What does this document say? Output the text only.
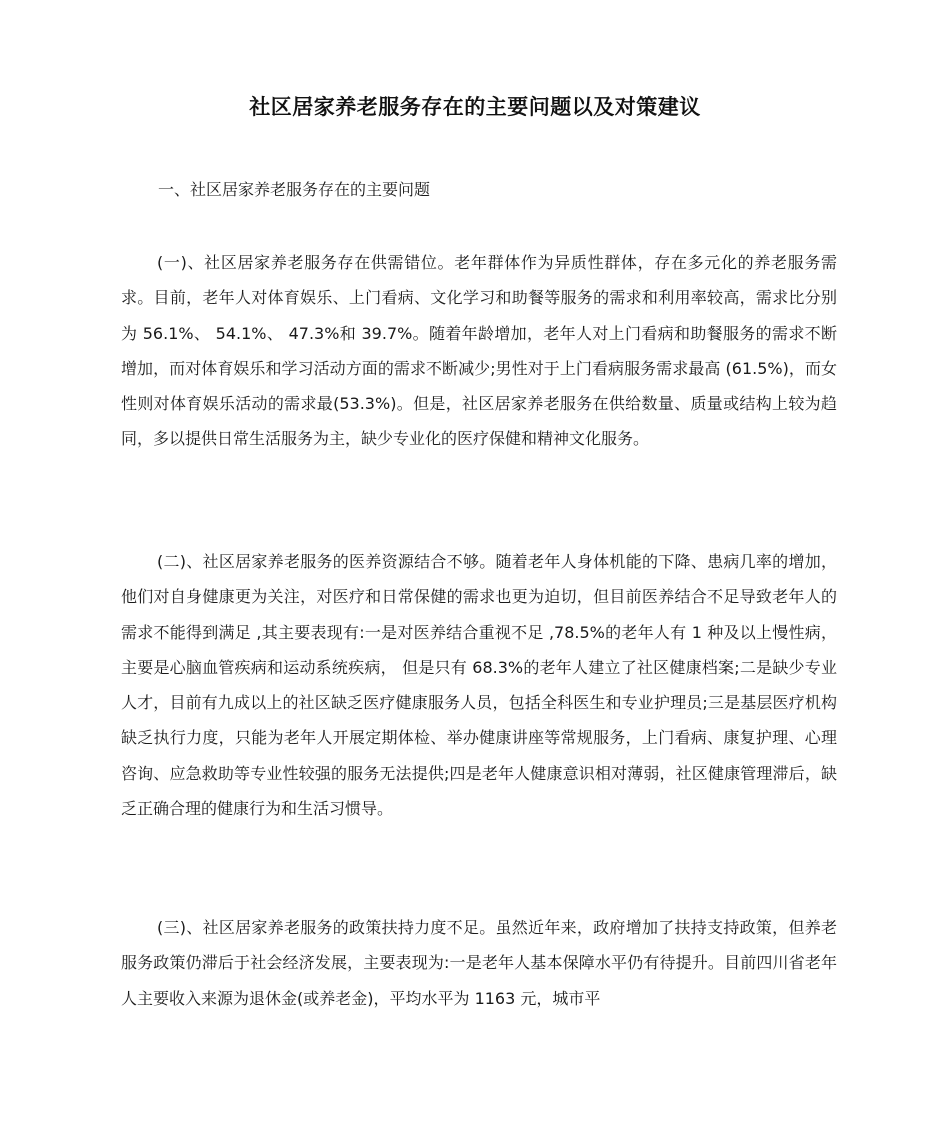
社区居家养老服务存在的主要问题以及对策建议
一、社区居家养老服务存在的主要问题
(一)、社区居家养老服务存在供需错位。老年群体作为异质性群体，存在多元化的养老服务需求。目前，老年人对体育娱乐、上门看病、文化学习和助餐等服务的需求和利用率较高，需求比分别为 56.1%、 54.1%、 47.3%和 39.7%。随着年龄增加，老年人对上门看病和助餐服务的需求不断增加，而对体育娱乐和学习活动方面的需求不断减少;男性对于上门看病服务需求最高 (61.5%)，而女性则对体育娱乐活动的需求最(53.3%)。但是，社区居家养老服务在供给数量、质量或结构上较为趋同，多以提供日常生活服务为主，缺少专业化的医疗保健和精神文化服务。
(二)、社区居家养老服务的医养资源结合不够。随着老年人身体机能的下降、患病几率的增加，他们对自身健康更为关注，对医疗和日常保健的需求也更为迫切，但目前医养结合不足导致老年人的需求不能得到满足 ,其主要表现有:一是对医养结合重视不足 ,78.5%的老年人有 1 种及以上慢性病，主要是心脑血管疾病和运动系统疾病， 但是只有 68.3%的老年人建立了社区健康档案;二是缺少专业人才，目前有九成以上的社区缺乏医疗健康服务人员，包括全科医生和专业护理员;三是基层医疗机构缺乏执行力度，只能为老年人开展定期体检、举办健康讲座等常规服务，上门看病、康复护理、心理咨询、应急救助等专业性较强的服务无法提供;四是老年人健康意识相对薄弱，社区健康管理滞后，缺乏正确合理的健康行为和生活习惯导。
(三)、社区居家养老服务的政策扶持力度不足。虽然近年来，政府增加了扶持支持政策，但养老服务政策仍滞后于社会经济发展，主要表现为:一是老年人基本保障水平仍有待提升。目前四川省老年人主要收入来源为退休金(或养老金)，平均水平为 1163 元，城市平
